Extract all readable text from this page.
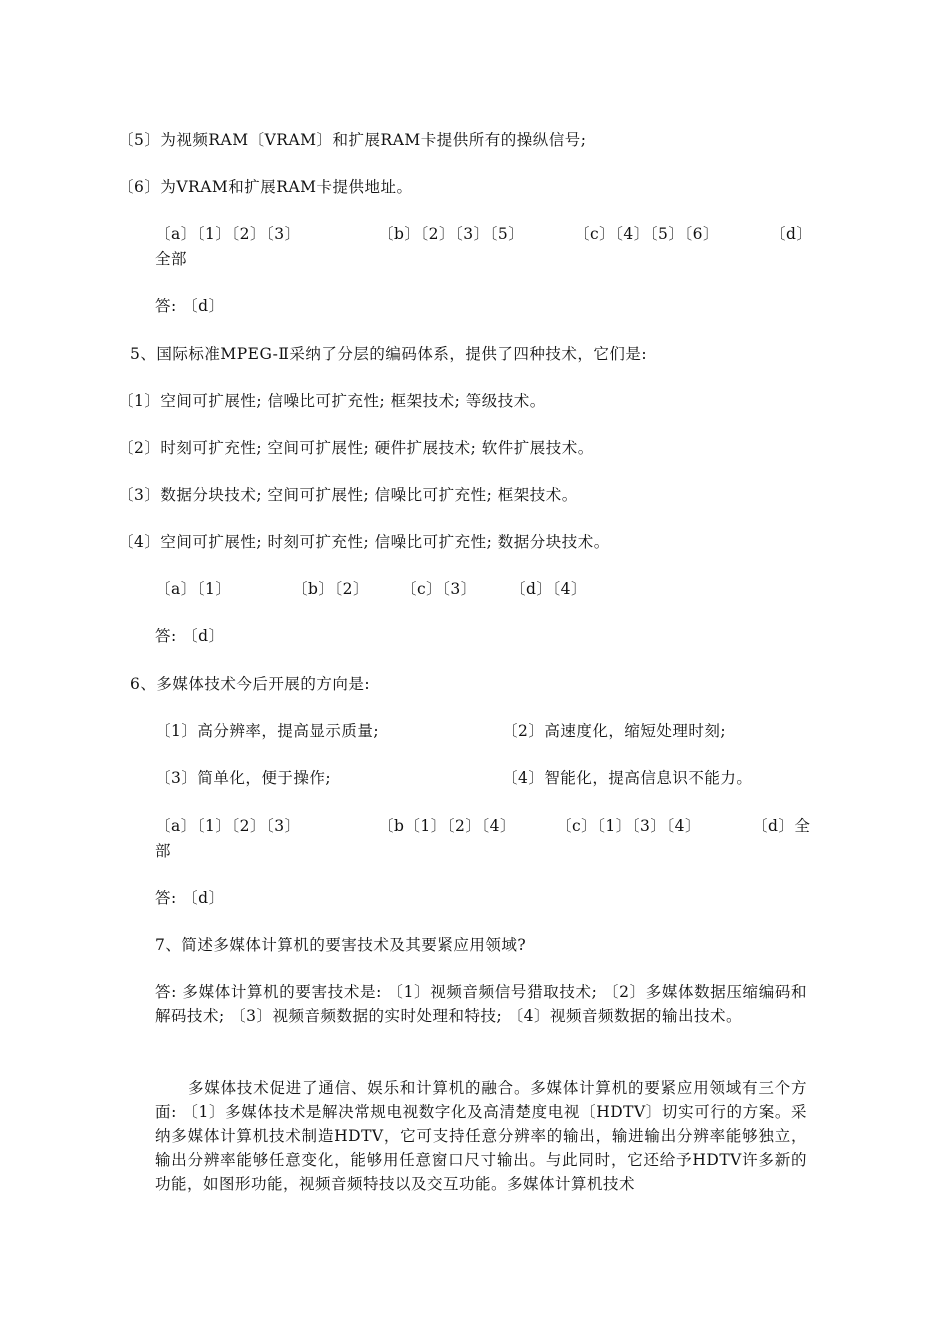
〔5〕为视频RAM〔VRAM〕和扩展RAM卡提供所有的操纵信号;
〔6〕为VRAM和扩展RAM卡提供地址。
〔a〕〔1〕〔2〕〔3〕	〔b〕〔2〕〔3〕〔5〕	〔c〕〔4〕〔5〕〔6〕	〔d〕
全部
答: 〔d〕
5、国际标准MPEG-Ⅱ采纳了分层的编码体系，提供了四种技术，它们是:
〔1〕空间可扩展性; 信噪比可扩充性; 框架技术; 等级技术。
〔2〕时刻可扩充性; 空间可扩展性; 硬件扩展技术; 软件扩展技术。
〔3〕数据分块技术; 空间可扩展性; 信噪比可扩充性; 框架技术。
〔4〕空间可扩展性; 时刻可扩充性; 信噪比可扩充性; 数据分块技术。
〔a〕〔1〕	〔b〕〔2〕 〔c〕〔3〕 〔d〕〔4〕
答: 〔d〕
6、多媒体技术今后开展的方向是:
〔1〕高分辨率，提高显示质量;	〔2〕高速度化，缩短处理时刻;
〔3〕简单化，便于操作;	〔4〕智能化，提高信息识不能力。
〔a〕〔1〕〔2〕〔3〕	〔b〔1〕〔2〕〔4〕	〔c〕〔1〕〔3〕〔4〕	〔d〕全
部
答: 〔d〕
7、简述多媒体计算机的要害技术及其要紧应用领域?
答: 多媒体计算机的要害技术是: 〔1〕视频音频信号猎取技术; 〔2〕多媒体数据压缩编码和解码技术; 〔3〕视频音频数据的实时处理和特技; 〔4〕视频音频数据的输出技术。
多媒体技术促进了通信、娱乐和计算机的融合。多媒体计算机的要紧应用领域有三个方面: 〔1〕多媒体技术是解决常规电视数字化及高清楚度电视〔HDTV〕切实可行的方案。采纳多媒体计算机技术制造HDTV，它可支持任意分辨率的输出，输进输出分辨率能够独立，输出分辨率能够任意变化，能够用任意窗口尺寸输出。与此同时，它还给予HDTV许多新的功能，如图形功能，视频音频特技以及交互功能。多媒体计算机技术
